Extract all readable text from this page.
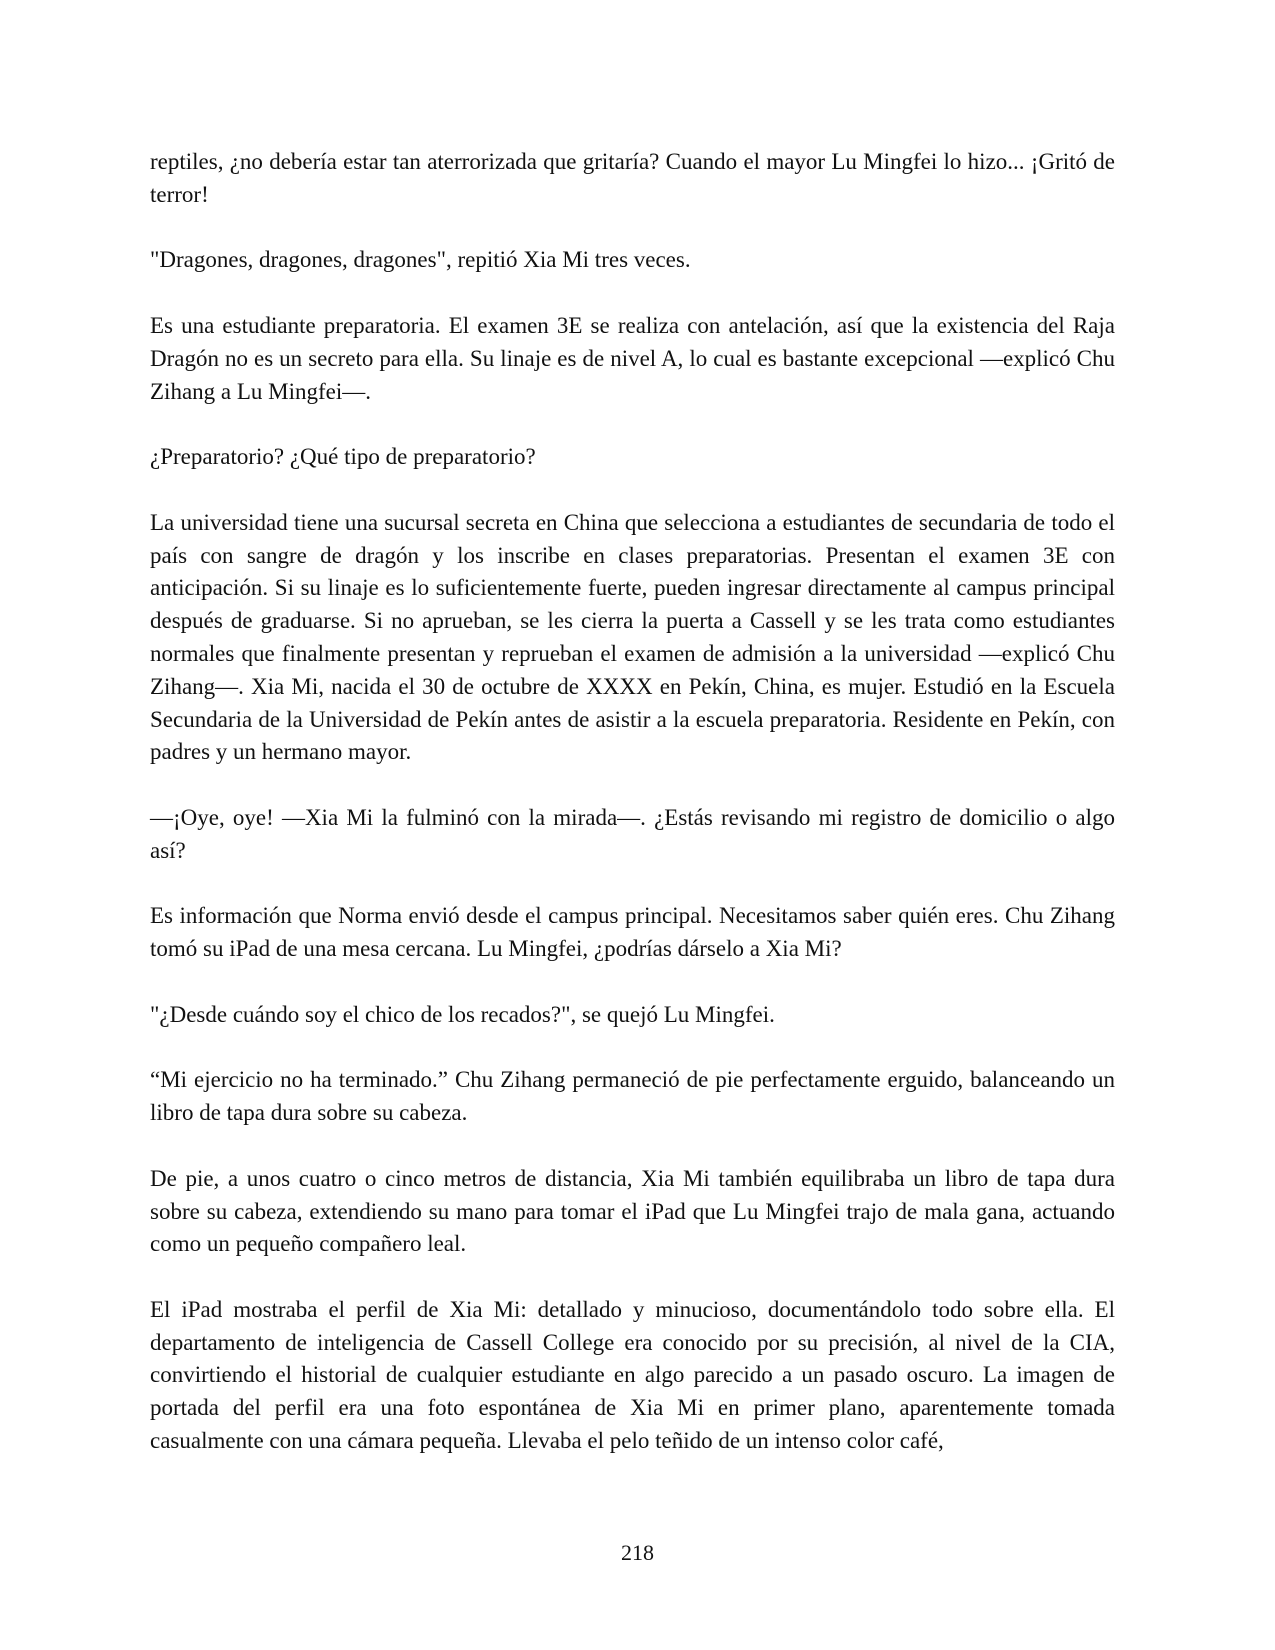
reptiles, ¿no debería estar tan aterrorizada que gritaría? Cuando el mayor Lu Mingfei lo hizo... ¡Gritó de terror!

"Dragones, dragones, dragones", repitió Xia Mi tres veces.

Es una estudiante preparatoria. El examen 3E se realiza con antelación, así que la existencia del Raja Dragón no es un secreto para ella. Su linaje es de nivel A, lo cual es bastante excepcional —explicó Chu Zihang a Lu Mingfei—.

¿Preparatorio? ¿Qué tipo de preparatorio?

La universidad tiene una sucursal secreta en China que selecciona a estudiantes de secundaria de todo el país con sangre de dragón y los inscribe en clases preparatorias. Presentan el examen 3E con anticipación. Si su linaje es lo suficientemente fuerte, pueden ingresar directamente al campus principal después de graduarse. Si no aprueban, se les cierra la puerta a Cassell y se les trata como estudiantes normales que finalmente presentan y reprueban el examen de admisión a la universidad —explicó Chu Zihang—. Xia Mi, nacida el 30 de octubre de XXXX en Pekín, China, es mujer. Estudió en la Escuela Secundaria de la Universidad de Pekín antes de asistir a la escuela preparatoria. Residente en Pekín, con padres y un hermano mayor.

—¡Oye, oye! —Xia Mi la fulminó con la mirada—. ¿Estás revisando mi registro de domicilio o algo así?

Es información que Norma envió desde el campus principal. Necesitamos saber quién eres. Chu Zihang tomó su iPad de una mesa cercana. Lu Mingfei, ¿podrías dárselo a Xia Mi?

"¿Desde cuándo soy el chico de los recados?", se quejó Lu Mingfei.

“Mi ejercicio no ha terminado.” Chu Zihang permaneció de pie perfectamente erguido, balanceando un libro de tapa dura sobre su cabeza.

De pie, a unos cuatro o cinco metros de distancia, Xia Mi también equilibraba un libro de tapa dura sobre su cabeza, extendiendo su mano para tomar el iPad que Lu Mingfei trajo de mala gana, actuando como un pequeño compañero leal.

El iPad mostraba el perfil de Xia Mi: detallado y minucioso, documentándolo todo sobre ella. El departamento de inteligencia de Cassell College era conocido por su precisión, al nivel de la CIA, convirtiendo el historial de cualquier estudiante en algo parecido a un pasado oscuro. La imagen de portada del perfil era una foto espontánea de Xia Mi en primer plano, aparentemente tomada casualmente con una cámara pequeña. Llevaba el pelo teñido de un intenso color café,

218
